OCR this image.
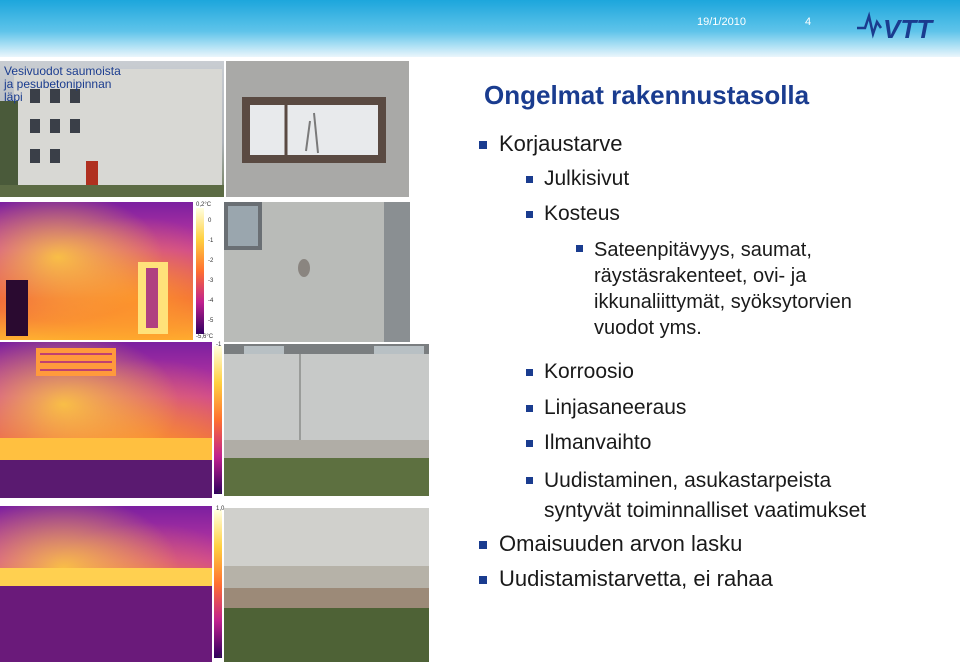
19/1/2010	4	VTT
Vesivuodot saumoista
ja pesubetonipinnan
läpi
0,2°C
0
-1
-2
-3
-4
-5
-5,6°C
-1
-4
1,0
-4
Ongelmat rakennustasolla
Korjaustarve
Julkisivut
Kosteus
Sateenpitävyys, saumat,
räystäsrakenteet, ovi- ja
ikkunaliittymät, syöksytorvien
vuodot yms.
Korroosio
Linjasaneeraus
Ilmanvaihto
Uudistaminen, asukastarpeista
syntyvät toiminnalliset vaatimukset
Omaisuuden arvon lasku
Uudistamistarvetta, ei rahaa
